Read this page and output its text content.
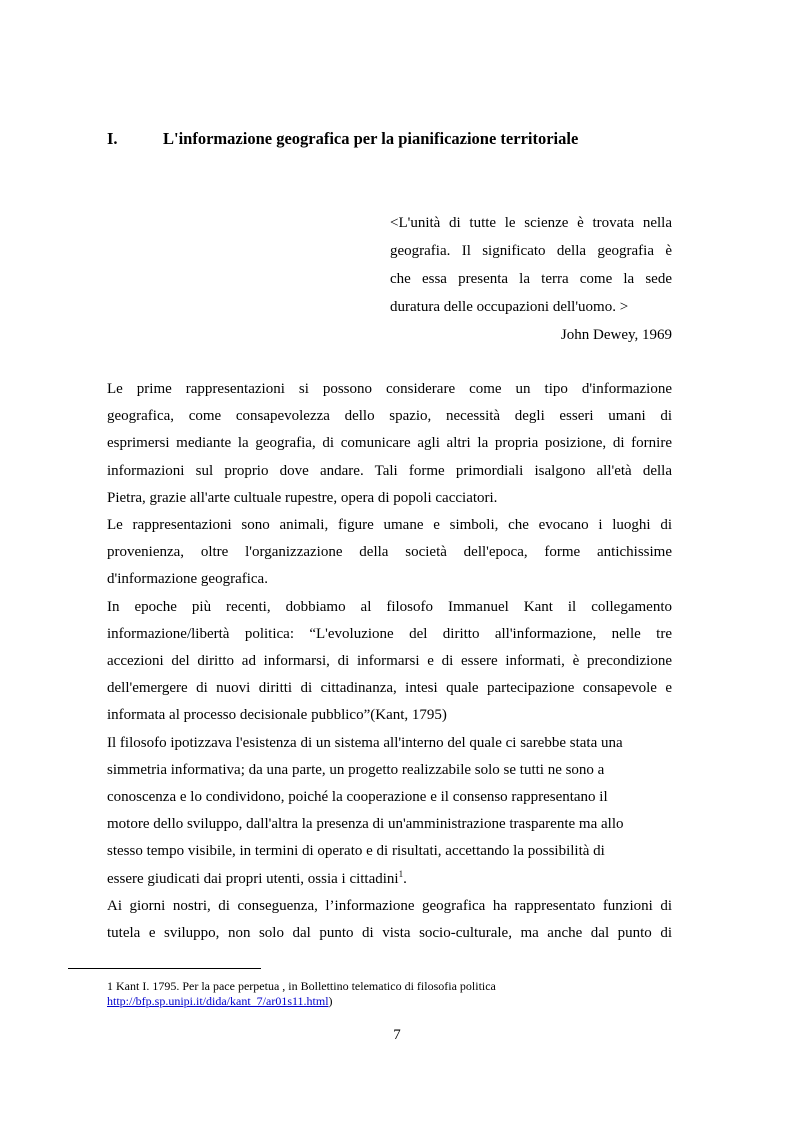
I.	L'informazione geografica per la pianificazione territoriale
<L'unità di tutte le scienze è trovata nella
geografia. Il significato della geografia è
che essa presenta la terra come la sede
duratura delle occupazioni dell'uomo. >
John Dewey, 1969
Le prime rappresentazioni si possono considerare come un tipo d'informazione
geografica, come consapevolezza dello spazio, necessità degli esseri umani di
esprimersi mediante la geografia, di comunicare agli altri la propria posizione, di fornire
informazioni sul proprio dove andare. Tali forme primordiali isalgono all'età della
Pietra, grazie all'arte cultuale rupestre, opera di popoli cacciatori.
Le rappresentazioni sono animali, figure umane e simboli, che evocano i luoghi di
provenienza, oltre l'organizzazione della società dell'epoca, forme antichissime
d'informazione geografica.
In epoche più recenti, dobbiamo al filosofo Immanuel Kant il collegamento
informazione/libertà politica: “L'evoluzione del diritto all'informazione, nelle tre
accezioni del diritto ad informarsi, di informarsi e di essere informati, è precondizione
dell'emergere di nuovi diritti di cittadinanza, intesi quale partecipazione consapevole e
informata al processo decisionale pubblico”(Kant, 1795)
Il filosofo ipotizzava l'esistenza di un sistema all'interno del quale ci sarebbe stata una
simmetria informativa; da una parte, un progetto realizzabile solo se tutti ne sono a
conoscenza e lo condividono, poiché la cooperazione e il consenso rappresentano il
motore dello sviluppo, dall'altra la presenza di un'amministrazione trasparente ma allo
stesso tempo visibile, in termini di operato e di risultati, accettando la possibilità di
essere giudicati dai propri utenti, ossia i cittadini$^1$.
Ai giorni nostri, di conseguenza, l’informazione geografica ha rappresentato funzioni di
tutela e sviluppo, non solo dal punto di vista socio-culturale, ma anche dal punto di
1 Kant I. 1795. Per la pace perpetua , in Bollettino telematico di filosofia politica
http://bfp.sp.unipi.it/dida/kant_7/ar01s11.html)
7
